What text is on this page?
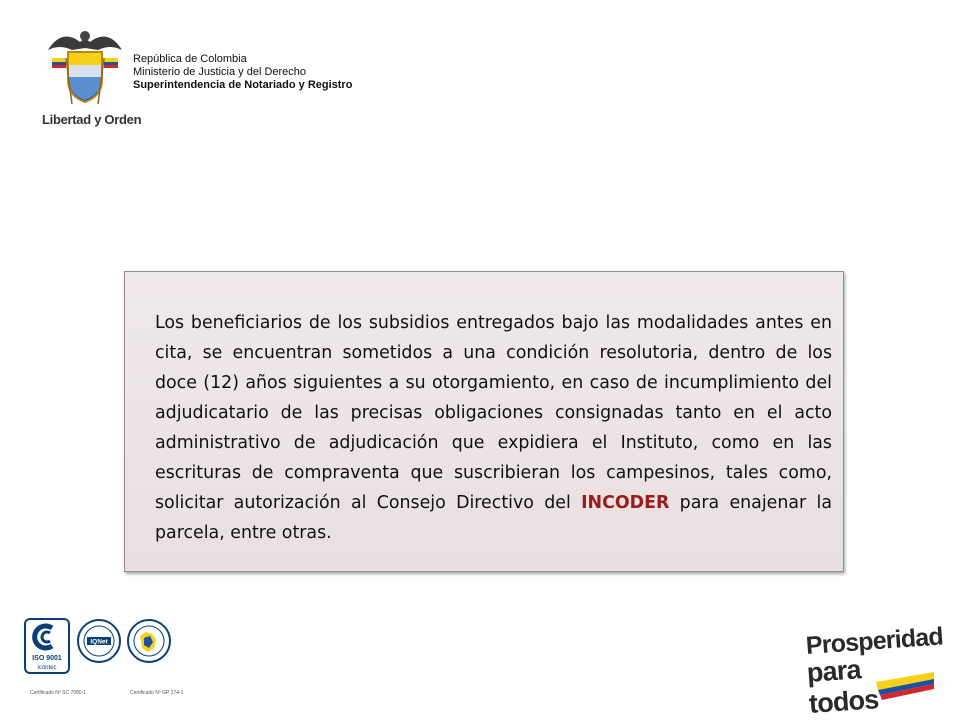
Libertad y Orden
República de Colombia
Ministerio de Justicia y del Derecho
Superintendencia de Notariado y Registro

Los beneficiarios de los subsidios entregados bajo las modalidades antes en cita, se encuentran sometidos a una condición resolutoria, dentro de los doce (12) años siguientes a su otorgamiento, en caso de incumplimiento del adjudicatario de las precisas obligaciones consignadas tanto en el acto administrativo de adjudicación que expidiera el Instituto, como en las escrituras de compraventa que suscribieran los campesinos, tales como, solicitar autorización al Consejo Directivo del INCODER para enajenar la parcela, entre otras.

ISO 9001
icontec
Certificado Nº SC 7080-1
IQNet
Certificado Nº GP 174-1
Prosperidad
para todos
